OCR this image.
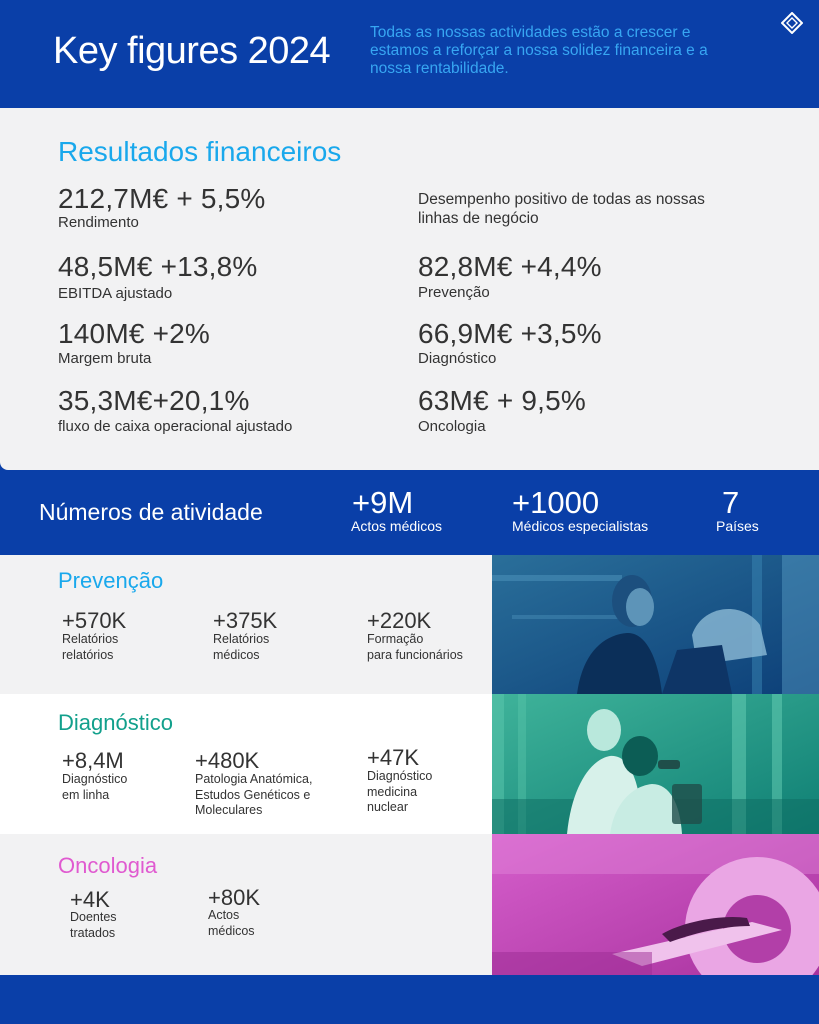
Key figures 2024	Todas as nossas actividades estão a crescer e estamos a reforçar a nossa solidez financeira e a nossa rentabilidade.
Resultados financeiros
212,7M€ + 5,5%
Rendimento
48,5M€ +13,8%
EBITDA ajustado
140M€ +2%
Margem bruta
35,3M€+20,1%
fluxo de caixa operacional ajustado
Desempenho positivo de todas as nossas linhas de negócio
82,8M€ +4,4%
Prevenção
66,9M€ +3,5%
Diagnóstico
63M€ + 9,5%
Oncologia
Números de atividade	+9M
Actos médicos
+1000
Médicos especialistas
7
Países
Prevenção
+570K
Relatórios
relatórios
+375K
Relatórios
médicos
+220K
Formação
para funcionários
Diagnóstico
+8,4M
Diagnóstico
em linha
+480K
Patologia Anatómica,
Estudos Genéticos e
Moleculares
+47K
Diagnóstico
medicina
nuclear
Oncologia
+4K
Doentes
tratados
+80K
Actos
médicos
